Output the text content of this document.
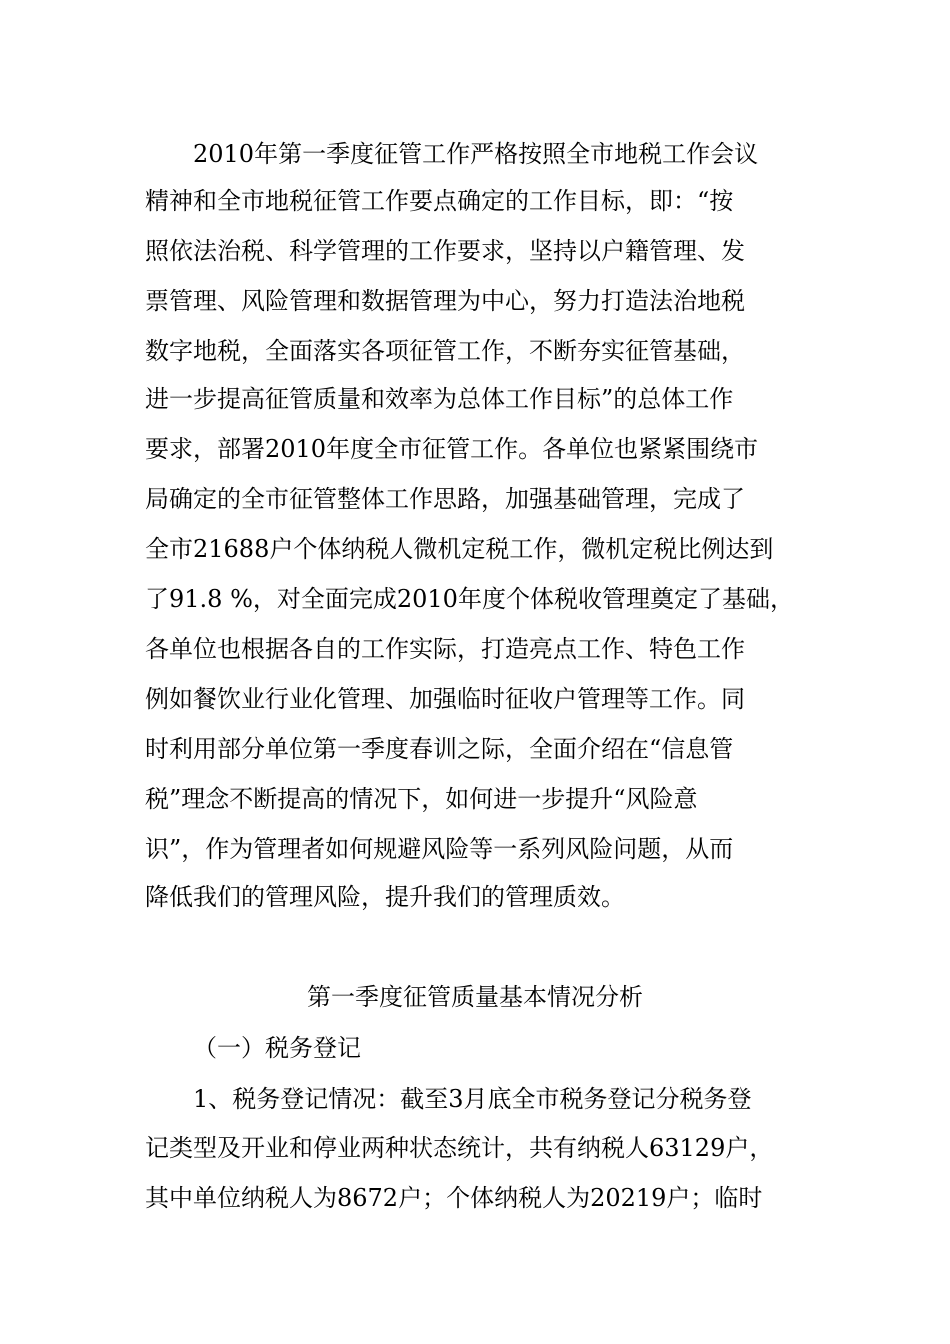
2010年第一季度征管工作严格按照全市地税工作会议
精神和全市地税征管工作要点确定的工作目标，即：“按
照依法治税、科学管理的工作要求，坚持以户籍管理、发
票管理、风险管理和数据管理为中心，努力打造法治地税
数字地税，全面落实各项征管工作，不断夯实征管基础，
进一步提高征管质量和效率为总体工作目标”的总体工作
要求，部署2010年度全市征管工作。各单位也紧紧围绕市
局确定的全市征管整体工作思路，加强基础管理，完成了
全市21688户个体纳税人微机定税工作，微机定税比例达到
了91.8 %，对全面完成2010年度个体税收管理奠定了基础，
各单位也根据各自的工作实际，打造亮点工作、特色工作
例如餐饮业行业化管理、加强临时征收户管理等工作。同
时利用部分单位第一季度春训之际，全面介绍在“信息管
税”理念不断提高的情况下，如何进一步提升“风险意
识”，作为管理者如何规避风险等一系列风险问题，从而
降低我们的管理风险，提升我们的管理质效。
第一季度征管质量基本情况分析
（一）税务登记
1、税务登记情况：截至3月底全市税务登记分税务登
记类型及开业和停业两种状态统计，共有纳税人63129户，
其中单位纳税人为8672户；个体纳税人为20219户；临时
